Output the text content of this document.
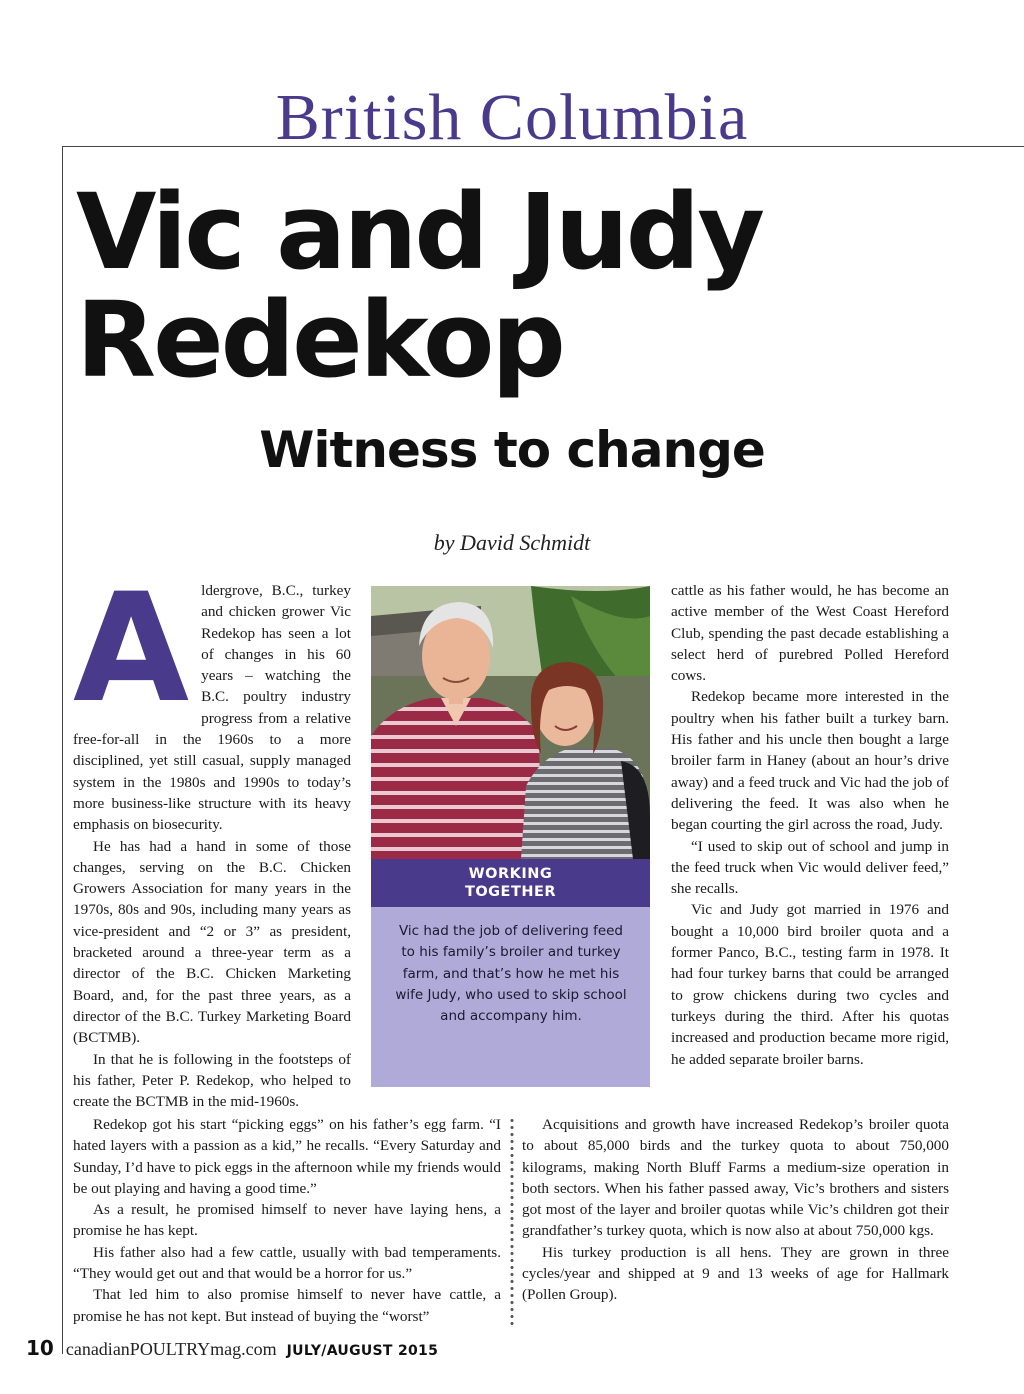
British Columbia
Vic and Judy
Redekop
Witness to change
by David Schmidt

Aldergrove, B.C., turkey and chicken grower Vic Redekop has seen a lot of changes in his 60 years – watching the B.C. poultry industry progress from a relative free-for-all in the 1960s to a more disciplined, yet still casual, supply managed system in the 1980s and 1990s to today’s more business-like structure with its heavy emphasis on biosecurity.

He has had a hand in some of those changes, serving on the B.C. Chicken Growers Association for many years in the 1970s, 80s and 90s, including many years as vice-president and “2 or 3” as president, bracketed around a three-year term as a director of the B.C. Chicken Marketing Board, and, for the past three years, as a director of the B.C. Turkey Marketing Board (BCTMB).

In that he is following in the footsteps of his father, Peter P. Redekop, who helped to create the BCTMB in the mid-1960s.

WORKING
TOGETHER

Vic had the job of delivering feed to his family’s broiler and turkey farm, and that’s how he met his wife Judy, who used to skip school and accompany him.

cattle as his father would, he has become an active member of the West Coast Hereford Club, spending the past decade establishing a select herd of purebred Polled Hereford cows.

Redekop became more interested in the poultry when his father built a turkey barn. His father and his uncle then bought a large broiler farm in Haney (about an hour’s drive away) and a feed truck and Vic had the job of delivering the feed. It was also when he began courting the girl across the road, Judy.

“I used to skip out of school and jump in the feed truck when Vic would deliver feed,” she recalls.

Vic and Judy got married in 1976 and bought a 10,000 bird broiler quota and a former Panco, B.C., testing farm in 1978. It had four turkey barns that could be arranged to grow chickens during two cycles and turkeys during the third. After his quotas increased and production became more rigid, he added separate broiler barns.

Redekop got his start “picking eggs” on his father’s egg farm. “I hated layers with a passion as a kid,” he recalls. “Every Saturday and Sunday, I’d have to pick eggs in the afternoon while my friends would be out playing and having a good time.”

As a result, he promised himself to never have laying hens, a promise he has kept.

His father also had a few cattle, usually with bad temperaments. “They would get out and that would be a horror for us.”

That led him to also promise himself to never have cattle, a promise he has not kept. But instead of buying the “worst”

Acquisitions and growth have increased Redekop’s broiler quota to about 85,000 birds and the turkey quota to about 750,000 kilograms, making North Bluff Farms a medium-size operation in both sectors. When his father passed away, Vic’s brothers and sisters got most of the layer and broiler quotas while Vic’s children got their grandfather’s turkey quota, which is now also at about 750,000 kgs.

His turkey production is all hens. They are grown in three cycles/year and shipped at 9 and 13 weeks of age for Hallmark (Pollen Group).

10 canadianPOULTRYmag.com JULY/AUGUST 2015
